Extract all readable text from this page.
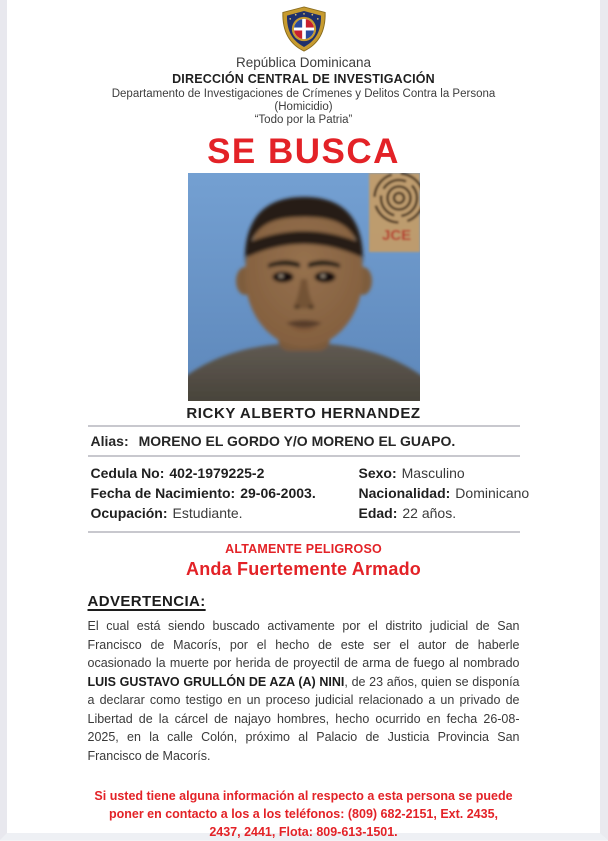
República Dominicana
DIRECCIÓN CENTRAL DE INVESTIGACIÓN
Departamento de Investigaciones de Crímenes y Delitos Contra la Persona
(Homicidio)
“Todo por la Patria”
SE BUSCA
JCE
RICKY ALBERTO HERNANDEZ
Alias: MORENO EL GORDO Y/O MORENO EL GUAPO.
Cedula No: 402-1979225-2
Fecha de Nacimiento: 29-06-2003.
Ocupación: Estudiante.
Sexo: Masculino
Nacionalidad: Dominicano
Edad: 22 años.
ALTAMENTE PELIGROSO
Anda Fuertemente Armado
ADVERTENCIA:

El cual está siendo buscado activamente por el distrito judicial de San Francisco de Macorís, por el hecho de este ser el autor de haberle ocasionado la muerte por herida de proyectil de arma de fuego al nombrado LUIS GUSTAVO GRULLÓN DE AZA (A) NINI, de 23 años, quien se disponía a declarar como testigo en un proceso judicial relacionado a un privado de Libertad de la cárcel de najayo hombres, hecho ocurrido en fecha 26-08-2025, en la calle Colón, próximo al Palacio de Justicia Provincia San Francisco de Macorís.

Si usted tiene alguna información al respecto a esta persona se puede poner en contacto a los a los teléfonos: (809) 682-2151, Ext. 2435, 2437, 2441, Flota: 809-613-1501.
